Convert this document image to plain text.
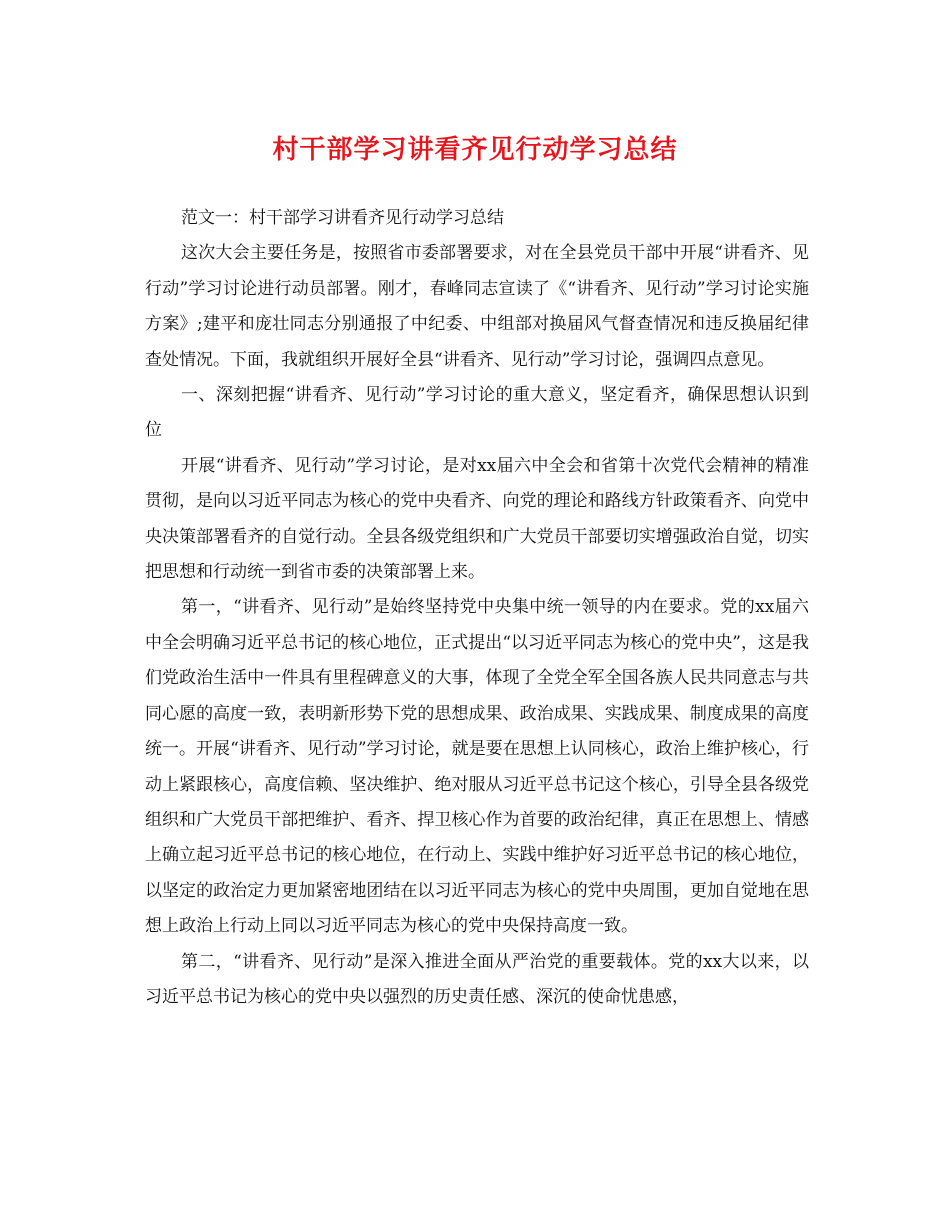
村干部学习讲看齐见行动学习总结

范文一：村干部学习讲看齐见行动学习总结

这次大会主要任务是，按照省市委部署要求，对在全县党员干部中开展“讲看齐、见行动”学习讨论进行动员部署。刚才，春峰同志宣读了《“讲看齐、见行动”学习讨论实施方案》;建平和庞壮同志分别通报了中纪委、中组部对换届风气督查情况和违反换届纪律查处情况。下面，我就组织开展好全县“讲看齐、见行动”学习讨论，强调四点意见。

一、深刻把握“讲看齐、见行动”学习讨论的重大意义，坚定看齐，确保思想认识到位

开展“讲看齐、见行动”学习讨论，是对xx届六中全会和省第十次党代会精神的精准贯彻，是向以习近平同志为核心的党中央看齐、向党的理论和路线方针政策看齐、向党中央决策部署看齐的自觉行动。全县各级党组织和广大党员干部要切实增强政治自觉，切实把思想和行动统一到省市委的决策部署上来。

第一，“讲看齐、见行动”是始终坚持党中央集中统一领导的内在要求。党的xx届六中全会明确习近平总书记的核心地位，正式提出“以习近平同志为核心的党中央”，这是我们党政治生活中一件具有里程碑意义的大事，体现了全党全军全国各族人民共同意志与共同心愿的高度一致，表明新形势下党的思想成果、政治成果、实践成果、制度成果的高度统一。开展“讲看齐、见行动”学习讨论，就是要在思想上认同核心，政治上维护核心，行动上紧跟核心，高度信赖、坚决维护、绝对服从习近平总书记这个核心，引导全县各级党组织和广大党员干部把维护、看齐、捍卫核心作为首要的政治纪律，真正在思想上、情感上确立起习近平总书记的核心地位，在行动上、实践中维护好习近平总书记的核心地位，以坚定的政治定力更加紧密地团结在以习近平同志为核心的党中央周围，更加自觉地在思想上政治上行动上同以习近平同志为核心的党中央保持高度一致。

第二，“讲看齐、见行动”是深入推进全面从严治党的重要载体。党的xx大以来，以习近平总书记为核心的党中央以强烈的历史责任感、深沉的使命忧患感，
